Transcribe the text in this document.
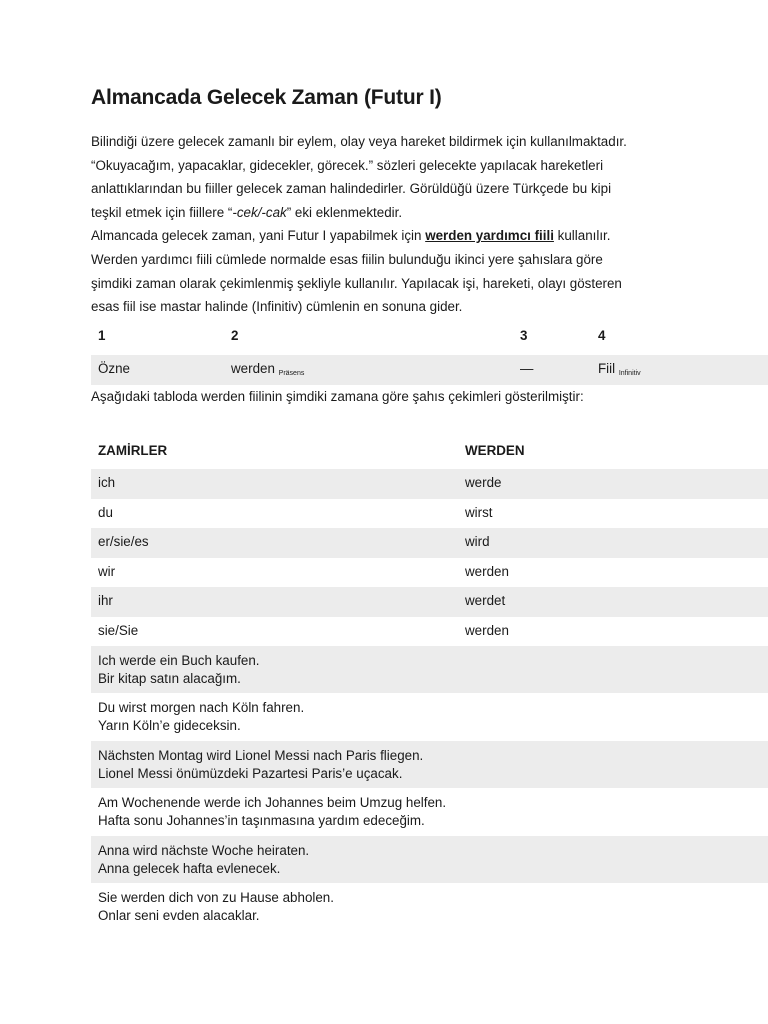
Almancada Gelecek Zaman (Futur I)

Bilindiği üzere gelecek zamanlı bir eylem, olay veya hareket bildirmek için kullanılmaktadır.

“Okuyacağım, yapacaklar, gidecekler, görecek.” sözleri gelecekte yapılacak hareketleri

anlattıklarından bu fiiller gelecek zaman halindedirler. Görüldüğü üzere Türkçede bu kipi

teşkil etmek için fiillere “-cek/-cak” eki eklenmektedir.

Almancada gelecek zaman, yani Futur I yapabilmek için werden yardımcı fiili kullanılır.

Werden yardımcı fiili cümlede normalde esas fiilin bulunduğu ikinci yere şahıslara göre

şimdiki zaman olarak çekimlenmiş şekliyle kullanılır. Yapılacak işi, hareketi, olayı gösteren

esas fiil ise mastar halinde (Infinitiv) cümlenin en sonuna gider.

1	2	3	4
Özne	werden $_{Präsens}$	—	Fiil $_{Infinitiv}$
Aşağıdaki tabloda werden fiilinin şimdiki zamana göre şahıs çekimleri gösterilmiştir:
ZAMİRLER	WERDEN
ich	werde
du	wirst
er/sie/es	wird
wir	werden
ihr	werdet
sie/Sie	werden
Ich werde ein Buch kaufen.
Bir kitap satın alacağım.
Du wirst morgen nach Köln fahren.
Yarın Köln’e gideceksin.
Nächsten Montag wird Lionel Messi nach Paris fliegen.
Lionel Messi önümüzdeki Pazartesi Paris’e uçacak.
Am Wochenende werde ich Johannes beim Umzug helfen.
Hafta sonu Johannes’in taşınmasına yardım edeceğim.
Anna wird nächste Woche heiraten.
Anna gelecek hafta evlenecek.
Sie werden dich von zu Hause abholen.
Onlar seni evden alacaklar.
